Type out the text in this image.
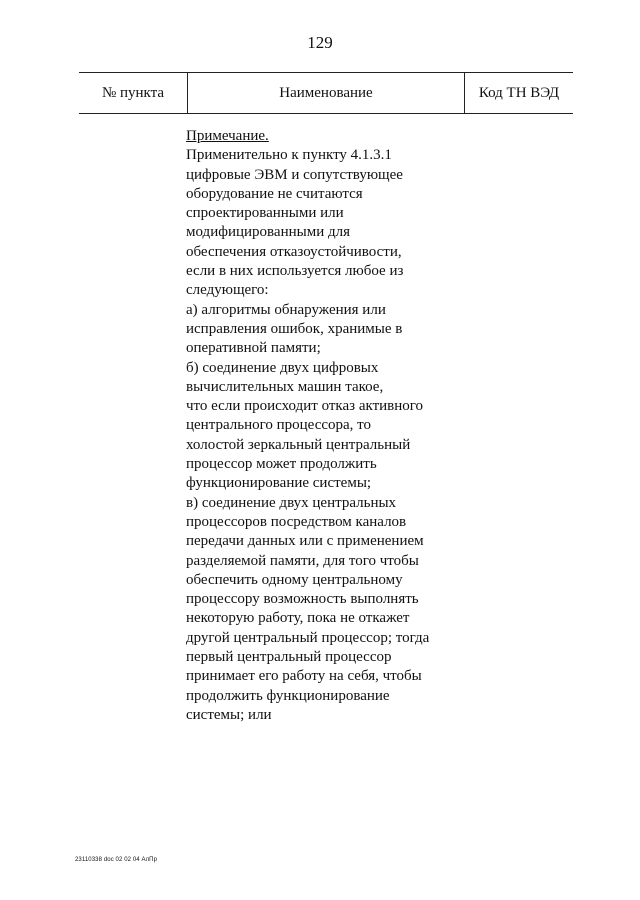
129
№ пункта	Наименование	Код ТН ВЭД
Примечание.
Применительно к пункту 4.1.3.1
цифровые ЭВМ и сопутствующее
оборудование не считаются
спроектированными или
модифицированными для
обеспечения отказоустойчивости,
если в них используется любое из
следующего:
а) алгоритмы обнаружения или
исправления ошибок, хранимые в
оперативной памяти;
б) соединение двух цифровых
вычислительных машин такое,
что если происходит отказ активного
центрального процессора, то
холостой зеркальный центральный
процессор может продолжить
функционирование системы;
в) соединение двух центральных
процессоров посредством каналов
передачи данных или с применением
разделяемой памяти, для того чтобы
обеспечить одному центральному
процессору возможность выполнять
некоторую работу, пока не откажет
другой центральный процессор; тогда
первый центральный процессор
принимает его работу на себя, чтобы
продолжить функционирование
системы; или
23110338 doc 02 02 04 АлПр
